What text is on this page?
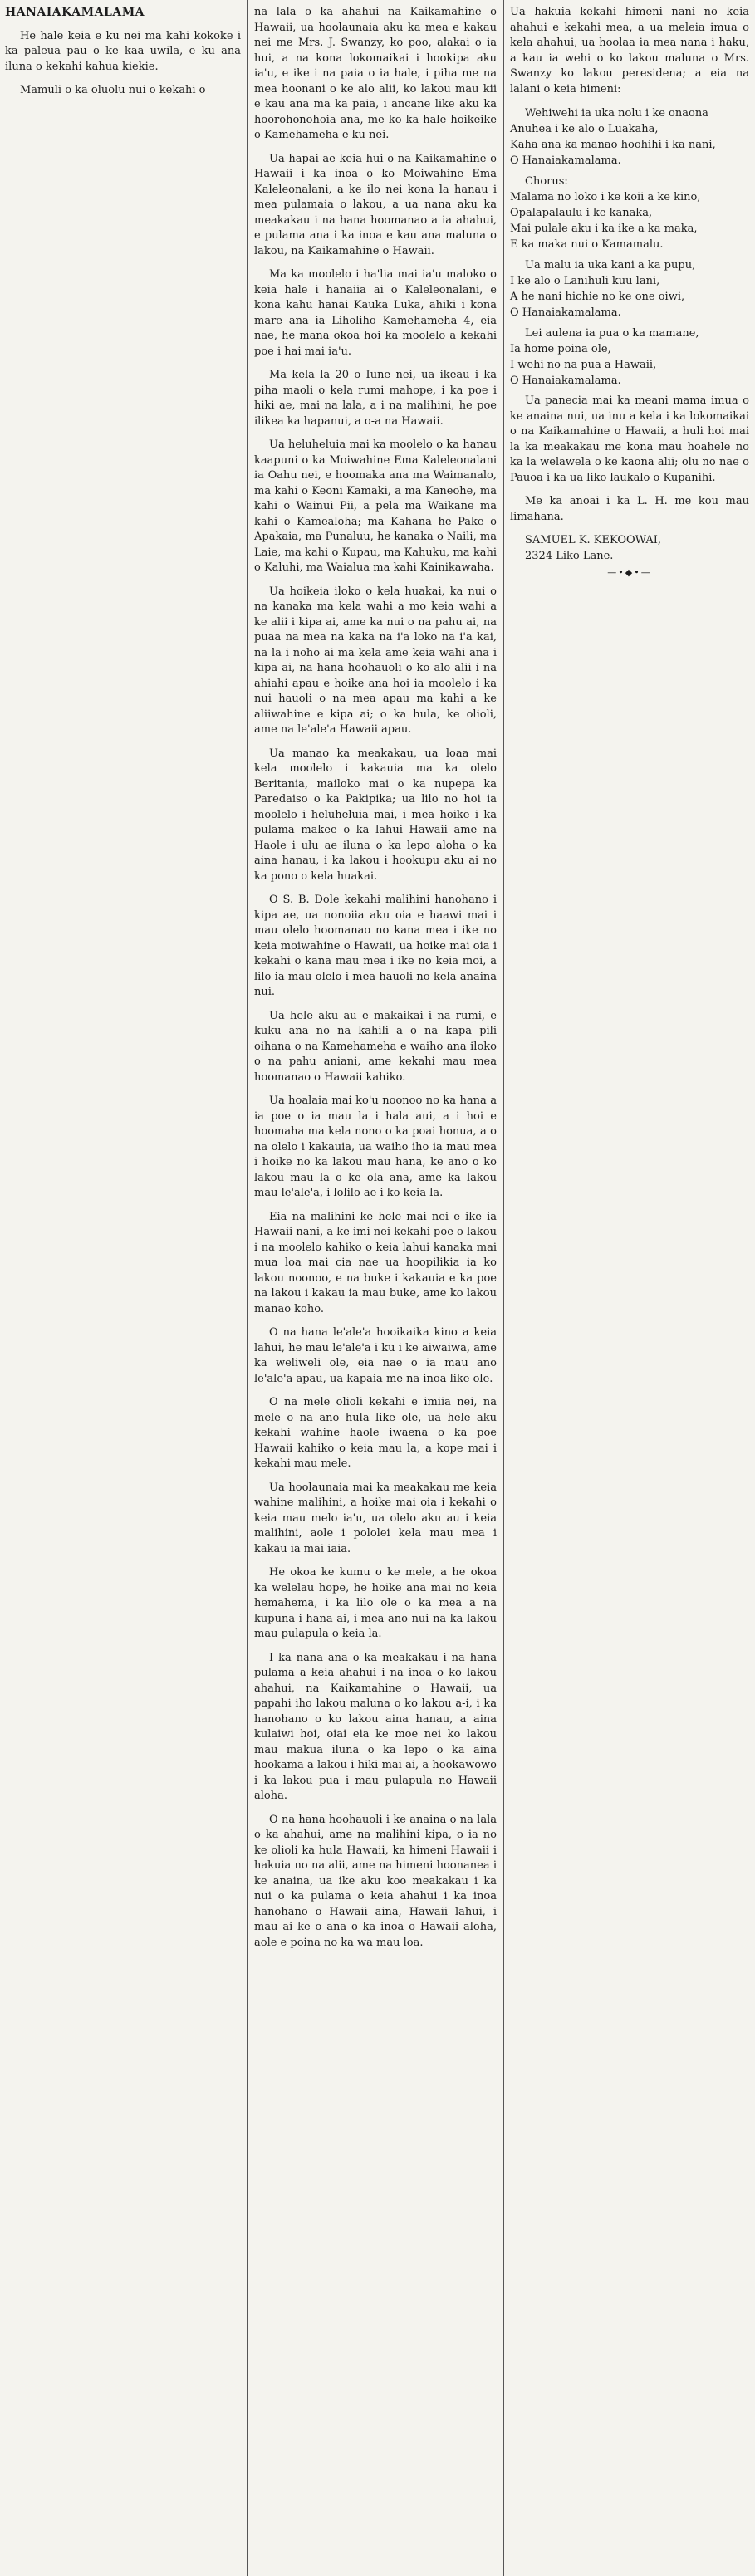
HANAIAKAMALAMA

He hale keia e ku nei ma kahi kokoke i ka paleua pau o ke kaa uwila, e ku ana iluna o kekahi kahua kiekie.

Mamuli o ka oluolu nui o kekahi o

na lala o ka ahahui na Kaikamahine o Hawaii, ua hoolaunaia aku ka mea e kakau nei me Mrs. J. Swanzy, ko poo, alakai o ia hui, a na kona lokomaikai i hookipa aku ia'u, e ike i na paia o ia hale, i piha me na mea hoonani o ke alo alii, ko lakou mau kii e kau ana ma ka paia, i ancane like aku ka hoorohonohoia ana, me ko ka hale hoikeike o Kamehameha e ku nei.

Ua hapai ae keia hui o na Kaikamahine o Hawaii i ka inoa o ko Moiwahine Ema Kaleleonalani, a ke ilo nei kona la hanau i mea pulamaia o lakou, a ua nana aku ka meakakau i na hana hoomanao a ia ahahui, e pulama ana i ka inoa e kau ana maluna o lakou, na Kaikamahine o Hawaii.

Ma ka moolelo i ha'lia mai ia'u maloko o keia hale i hanaiia ai o Kaleleonalani, e kona kahu hanai Kauka Luka, ahiki i kona mare ana ia Liholiho Kamehameha 4, eia nae, he mana okoa hoi ka moolelo a kekahi poe i hai mai ia'u.

Ma kela la 20 o Iune nei, ua ikeau i ka piha maoli o kela rumi mahope, i ka poe i hiki ae, mai na lala, a i na malihini, he poe ilikea ka hapanui, a o-a na Hawaii.

Ua heluheluia mai ka moolelo o ka hanau kaapuni o ka Moiwahine Ema Kaleleonalani ia Oahu nei, e hoomaka ana ma Waimanalo, ma kahi o Keoni Kamaki, a ma Kaneohe, ma kahi o Wainui Pii, a pela ma Waikane ma kahi o Kamealoha; ma Kahana he Pake o Apakaia, ma Punaluu, he kanaka o Naili, ma Laie, ma kahi o Kupau, ma Kahuku, ma kahi o Kaluhi, ma Waialua ma kahi Kainikawaha.

Ua hoikeia iloko o kela huakai, ka nui o na kanaka ma kela wahi a mo keia wahi a ke alii i kipa ai, ame ka nui o na pahu ai, na puaa na mea na kaka na i'a loko na i'a kai, na la i noho ai ma kela ame keia wahi ana i kipa ai, na hana hoohauoli o ko alo alii i na ahiahi apau e hoike ana hoi ia moolelo i ka nui hauoli o na mea apau ma kahi a ke aliiwahine e kipa ai; o ka hula, ke olioli, ame na le'ale'a Hawaii apau.

Ua manao ka meakakau, ua loaa mai kela moolelo i kakauia ma ka olelo Beritania, mailoko mai o ka nupepa ka Paredaiso o ka Pakipika; ua lilo no hoi ia moolelo i heluheluia mai, i mea hoike i ka pulama makee o ka lahui Hawaii ame na Haole i ulu ae iluna o ka lepo aloha o ka aina hanau, i ka lakou i hookupu aku ai no ka pono o kela huakai.

O S. B. Dole kekahi malihini hanohano i kipa ae, ua nonoiia aku oia e haawi mai i mau olelo hoomanao no kana mea i ike no keia moiwahine o Hawaii, ua hoike mai oia i kekahi o kana mau mea i ike no keia moi, a lilo ia mau olelo i mea hauoli no kela anaina nui.

Ua hele aku au e makaikai i na rumi, e kuku ana no na kahili a o na kapa pili oihana o na Kamehameha e waiho ana iloko o na pahu aniani, ame kekahi mau mea hoomanao o Hawaii kahiko.

Ua hoalaia mai ko'u noonoo no ka hana a ia poe o ia mau la i hala aui, a i hoi e hoomaha ma kela nono o ka poai honua, a o na olelo i kakauia, ua waiho iho ia mau mea i hoike no ka lakou mau hana, ke ano o ko lakou mau la o ke ola ana, ame ka lakou mau le'ale'a, i lolilo ae i ko keia la.

Eia na malihini ke hele mai nei e ike ia Hawaii nani, a ke imi nei kekahi poe o lakou i na moolelo kahiko o keia lahui kanaka mai mua loa mai cia nae ua hoopilikia ia ko lakou noonoo, e na buke i kakauia e ka poe na lakou i kakau ia mau buke, ame ko lakou manao koho.

O na hana le'ale'a hooikaika kino a keia lahui, he mau le'ale'a i ku i ke aiwaiwa, ame ka weliweli ole, eia nae o ia mau ano le'ale'a apau, ua kapaia me na inoa like ole.

O na mele olioli kekahi e imiia nei, na mele o na ano hula like ole, ua hele aku kekahi wahine haole iwaena o ka poe Hawaii kahiko o keia mau la, a kope mai i kekahi mau mele.

Ua hoolaunaia mai ka meakakau me keia wahine malihini, a hoike mai oia i kekahi o keia mau melo ia'u, ua olelo aku au i keia malihini, aole i pololei kela mau mea i kakau ia mai iaia.

He okoa ke kumu o ke mele, a he okoa ka welelau hope, he hoike ana mai no keia hemahema, i ka lilo ole o ka mea a na kupuna i hana ai, i mea ano nui na ka lakou mau pulapula o keia la.

I ka nana ana o ka meakakau i na hana pulama a keia ahahui i na inoa o ko lakou ahahui, na Kaikamahine o Hawaii, ua papahi iho lakou maluna o ko lakou a-i, i ka hanohano o ko lakou aina hanau, a aina kulaiwi hoi, oiai eia ke moe nei ko lakou mau makua iluna o ka lepo o ka aina hookama a lakou i hiki mai ai, a hookawowo i ka lakou pua i mau pulapula no Hawaii aloha.

O na hana hoohauoli i ke anaina o na lala o ka ahahui, ame na malihini kipa, o ia no ke olioli ka hula Hawaii, ka himeni Hawaii i hakuia no na alii, ame na himeni hoonanea i ke anaina, ua ike aku koo meakakau i ka nui o ka pulama o keia ahahui i ka inoa hanohano o Hawaii aina, Hawaii lahui, i mau ai ke o ana o ka inoa o Hawaii aloha, aole e poina no ka wa mau loa.

Ua hakuia kekahi himeni nani no keia ahahui e kekahi mea, a ua meleia imua o kela ahahui, ua hoolaa ia mea nana i haku, a kau ia wehi o ko lakou maluna o Mrs. Swanzy ko lakou peresidena; a eia na lalani o keia himeni:

Wehiwehi ia uka nolu i ke onaona
Anuhea i ke alo o Luakaha,
Kaha ana ka manao hoohihi i ka nani,
O Hanaiakamalama.
Chorus:
Malama no loko i ke koii a ke kino,
Opalapalaulu i ke kanaka,
Mai pulale aku i ka ike a ka maka,
E ka maka nui o Kamamalu.
Ua malu ia uka kani a ka pupu,
I ke alo o Lanihuli kuu lani,
A he nani hichie no ke one oiwi,
O Hanaiakamalama.
Lei aulena ia pua o ka mamane,
Ia home poina ole,
I wehi no na pua a Hawaii,
O Hanaiakamalama.

Ua panecia mai ka meani mama imua o ke anaina nui, ua inu a kela i ka lokomaikai o na Kaikamahine o Hawaii, a huli hoi mai la ka meakakau me kona mau hoahele no ka la welawela o ke kaona alii; olu no nae o Pauoa i ka ua liko laukalo o Kupanihi.

Me ka anoai i ka L. H. me kou mau limahana.

SAMUEL K. KEKOOWAI,
2324 Liko Lane.
—•◆•—
